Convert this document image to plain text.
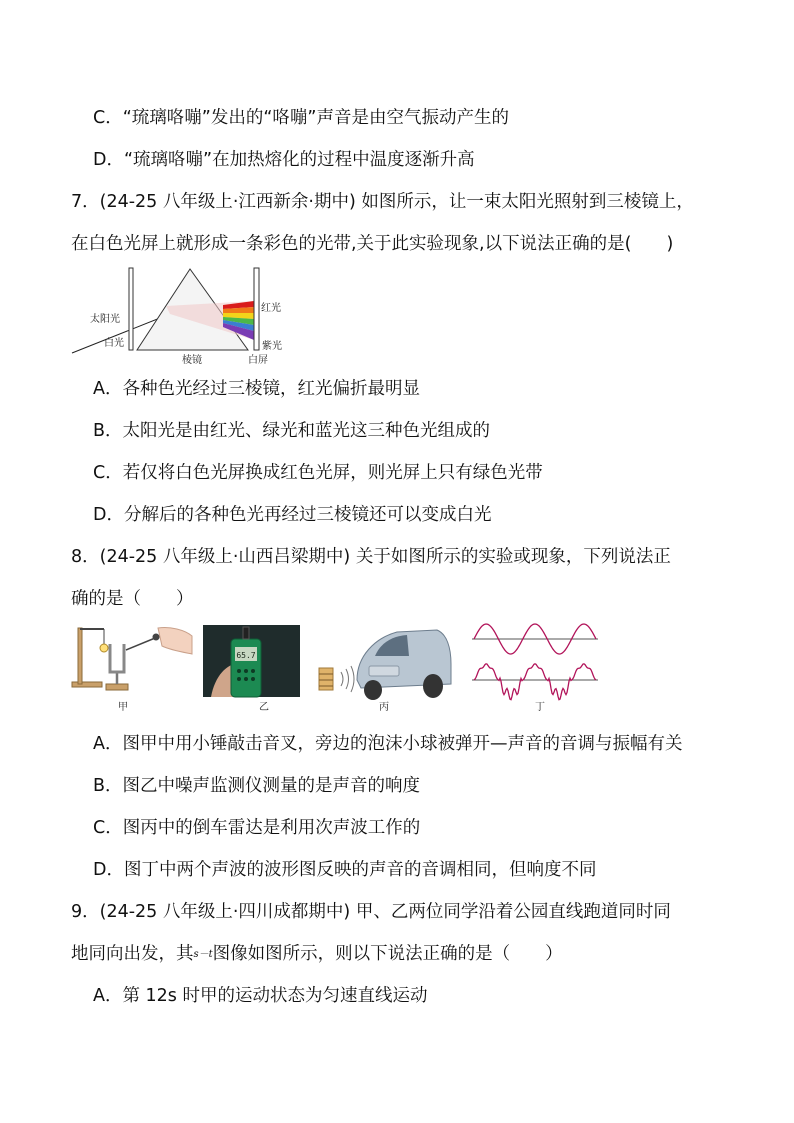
C．“琉璃咯嘣”发出的“咯嘣”声音是由空气振动产生的
D．“琉璃咯嘣”在加热熔化的过程中温度逐渐升高
7．(24-25 八年级上·江西新余·期中) 如图所示，让一束太阳光照射到三棱镜上，
在白色光屏上就形成一条彩色的光带,关于此实验现象,以下说法正确的是(　　)
太阳光
白光
棱镜
红光
紫光
白屏
A．各种色光经过三棱镜，红光偏折最明显
B．太阳光是由红光、绿光和蓝光这三种色光组成的
C．若仅将白色光屏换成红色光屏，则光屏上只有绿色光带
D．分解后的各种色光再经过三棱镜还可以变成白光
8．(24-25 八年级上·山西吕梁期中) 关于如图所示的实验或现象，下列说法正
确的是（　　）
甲
65.7
乙	丙	丁
A．图甲中用小锤敲击音叉，旁边的泡沫小球被弹开—声音的音调与振幅有关
B．图乙中噪声监测仪测量的是声音的响度
C．图丙中的倒车雷达是利用次声波工作的
D．图丁中两个声波的波形图反映的声音的音调相同，但响度不同
9．(24-25 八年级上·四川成都期中) 甲、乙两位同学沿着公园直线跑道同时同
地同向出发，其s－t图像如图所示，则以下说法正确的是（　　）
A．第 12s 时甲的运动状态为匀速直线运动
